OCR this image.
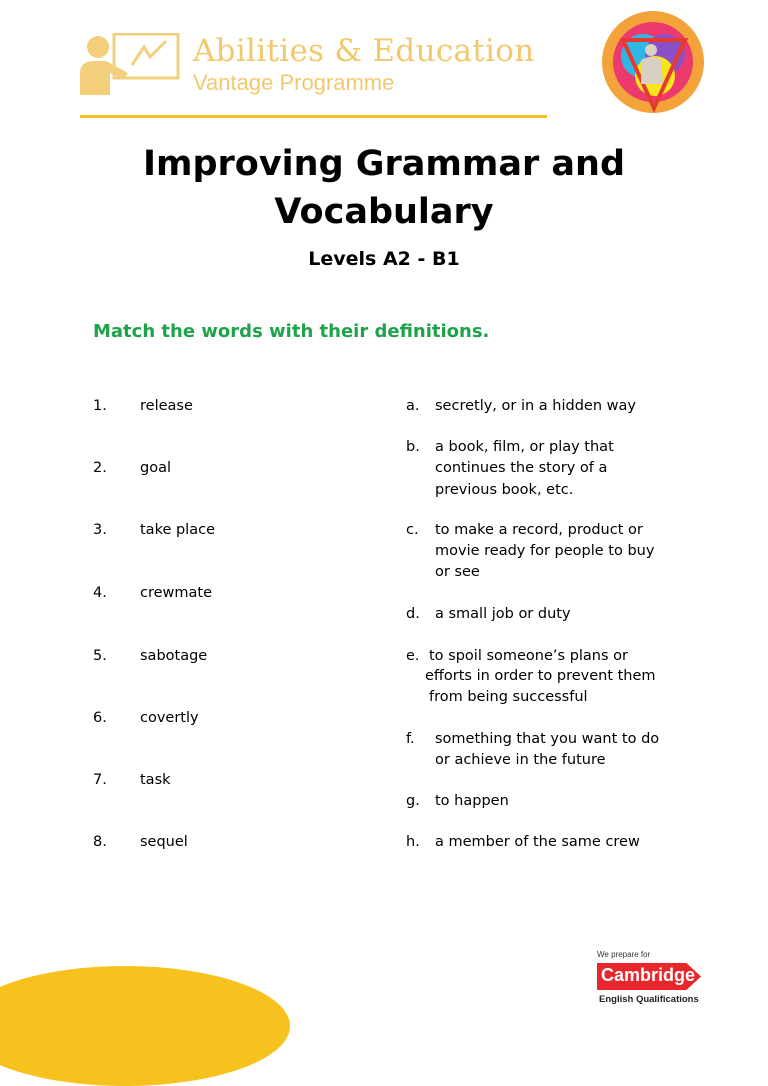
Abilities & Education

Vantage Programme

Improving Grammar and
Vocabulary

Levels A2 - B1

Match the words with their definitions.

1. release
2. goal
3. take place
4. crewmate
5. sabotage
6. covertly
7. task
8. sequel
a. secretly, or in a hidden way
b. a book, film, or play that
continues the story of a
previous book, etc.
c. to make a record, product or
movie ready for people to buy
or see
d. a small job or duty
e. to spoil someone’s plans or
efforts in order to prevent them
from being successful
f. something that you want to do
or achieve in the future
g. to happen
h. a member of the same crew
We prepare for
Cambridge
English Qualifications
